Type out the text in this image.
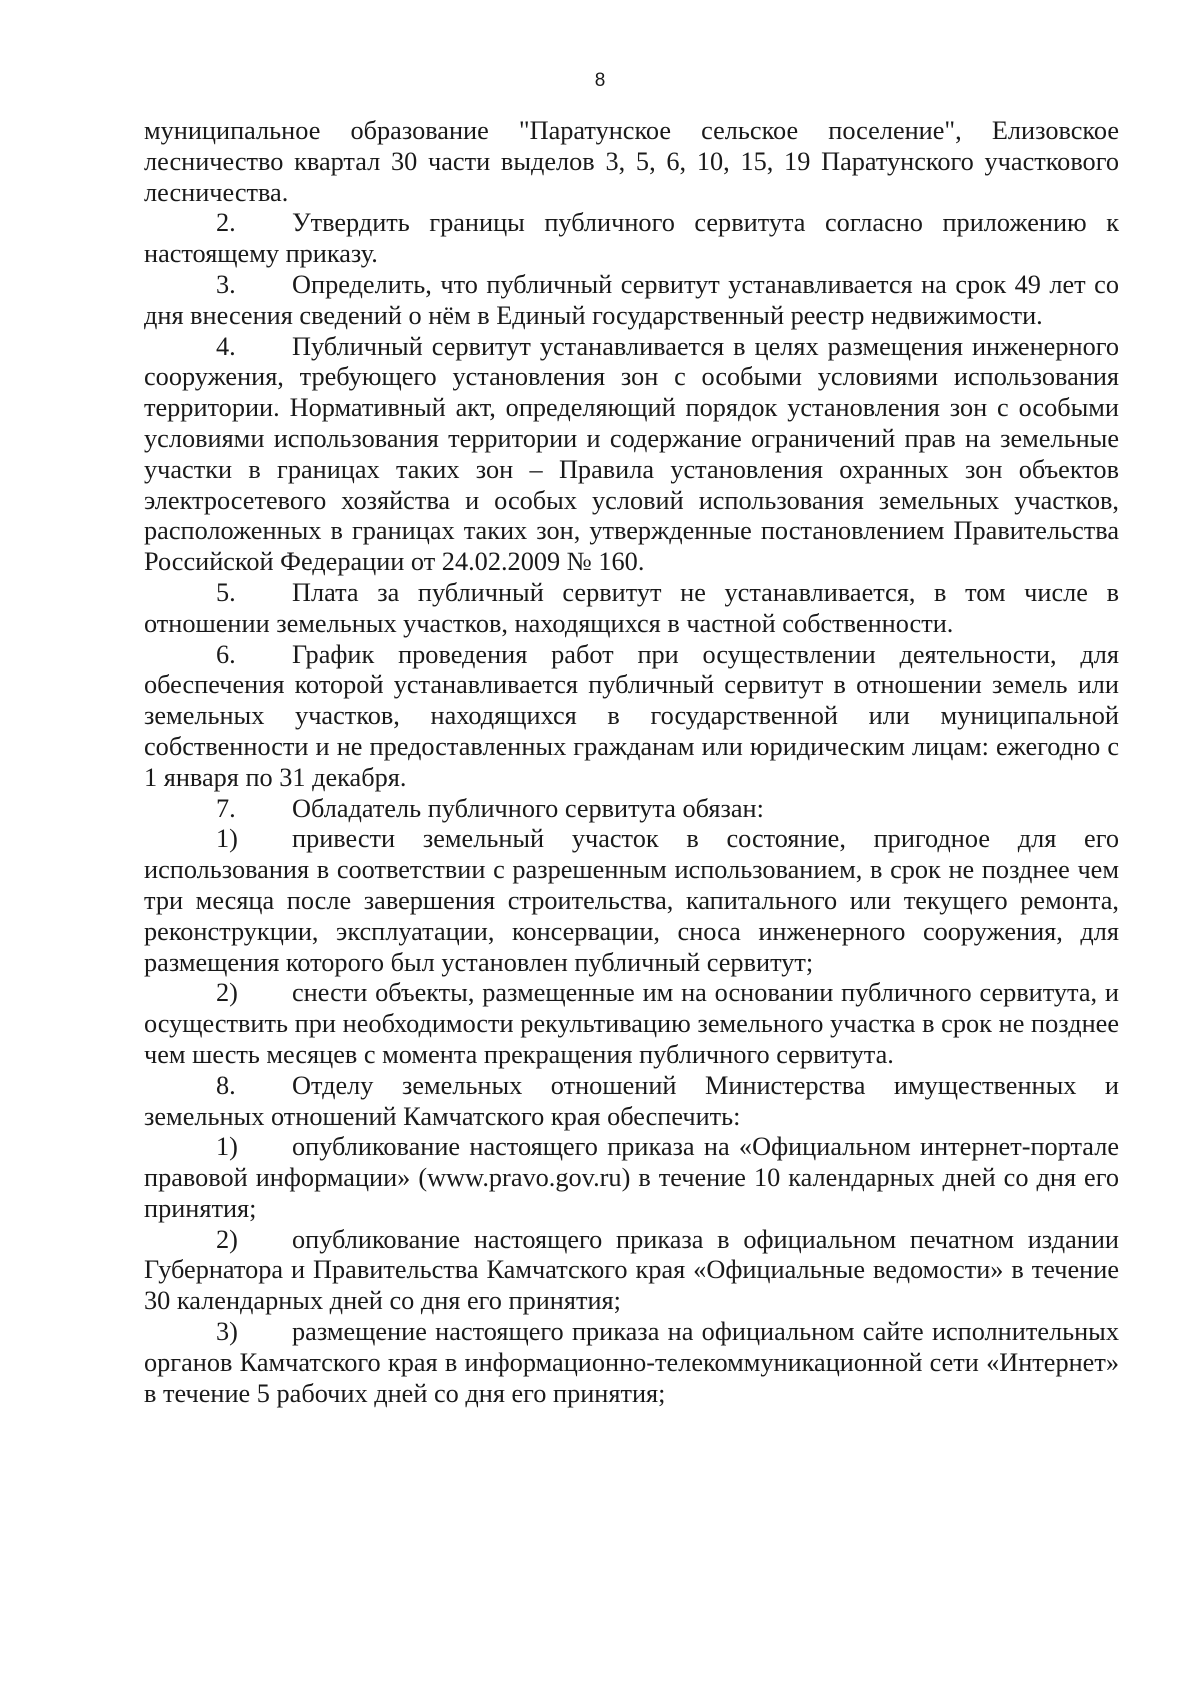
8

муниципальное образование "Паратунское сельское поселение", Елизовское лесничество квартал 30 части выделов 3, 5, 6, 10, 15, 19 Паратунского участкового лесничества.

2. Утвердить границы публичного сервитута согласно приложению к настоящему приказу.

3. Определить, что публичный сервитут устанавливается на срок 49 лет со дня внесения сведений о нём в Единый государственный реестр недвижимости.

4. Публичный сервитут устанавливается в целях размещения инженерного сооружения, требующего установления зон с особыми условиями использования территории. Нормативный акт, определяющий порядок установления зон с особыми условиями использования территории и содержание ограничений прав на земельные участки в границах таких зон – Правила установления охранных зон объектов электросетевого хозяйства и особых условий использования земельных участков, расположенных в границах таких зон, утвержденные постановлением Правительства Российской Федерации от 24.02.2009 № 160.

5. Плата за публичный сервитут не устанавливается, в том числе в отношении земельных участков, находящихся в частной собственности.

6. График проведения работ при осуществлении деятельности, для обеспечения которой устанавливается публичный сервитут в отношении земель или земельных участков, находящихся в государственной или муниципальной собственности и не предоставленных гражданам или юридическим лицам: ежегодно с 1 января по 31 декабря.

7. Обладатель публичного сервитута обязан:

1) привести земельный участок в состояние, пригодное для его использования в соответствии с разрешенным использованием, в срок не позднее чем три месяца после завершения строительства, капитального или текущего ремонта, реконструкции, эксплуатации, консервации, сноса инженерного сооружения, для размещения которого был установлен публичный сервитут;

2) снести объекты, размещенные им на основании публичного сервитута, и осуществить при необходимости рекультивацию земельного участка в срок не позднее чем шесть месяцев с момента прекращения публичного сервитута.

8. Отделу земельных отношений Министерства имущественных и земельных отношений Камчатского края обеспечить:

1) опубликование настоящего приказа на «Официальном интернет-портале правовой информации» (www.pravo.gov.ru) в течение 10 календарных дней со дня его принятия;

2) опубликование настоящего приказа в официальном печатном издании Губернатора и Правительства Камчатского края «Официальные ведомости» в течение 30 календарных дней со дня его принятия;

3) размещение настоящего приказа на официальном сайте исполнительных органов Камчатского края в информационно-телекоммуникационной сети «Интернет» в течение 5 рабочих дней со дня его принятия;
